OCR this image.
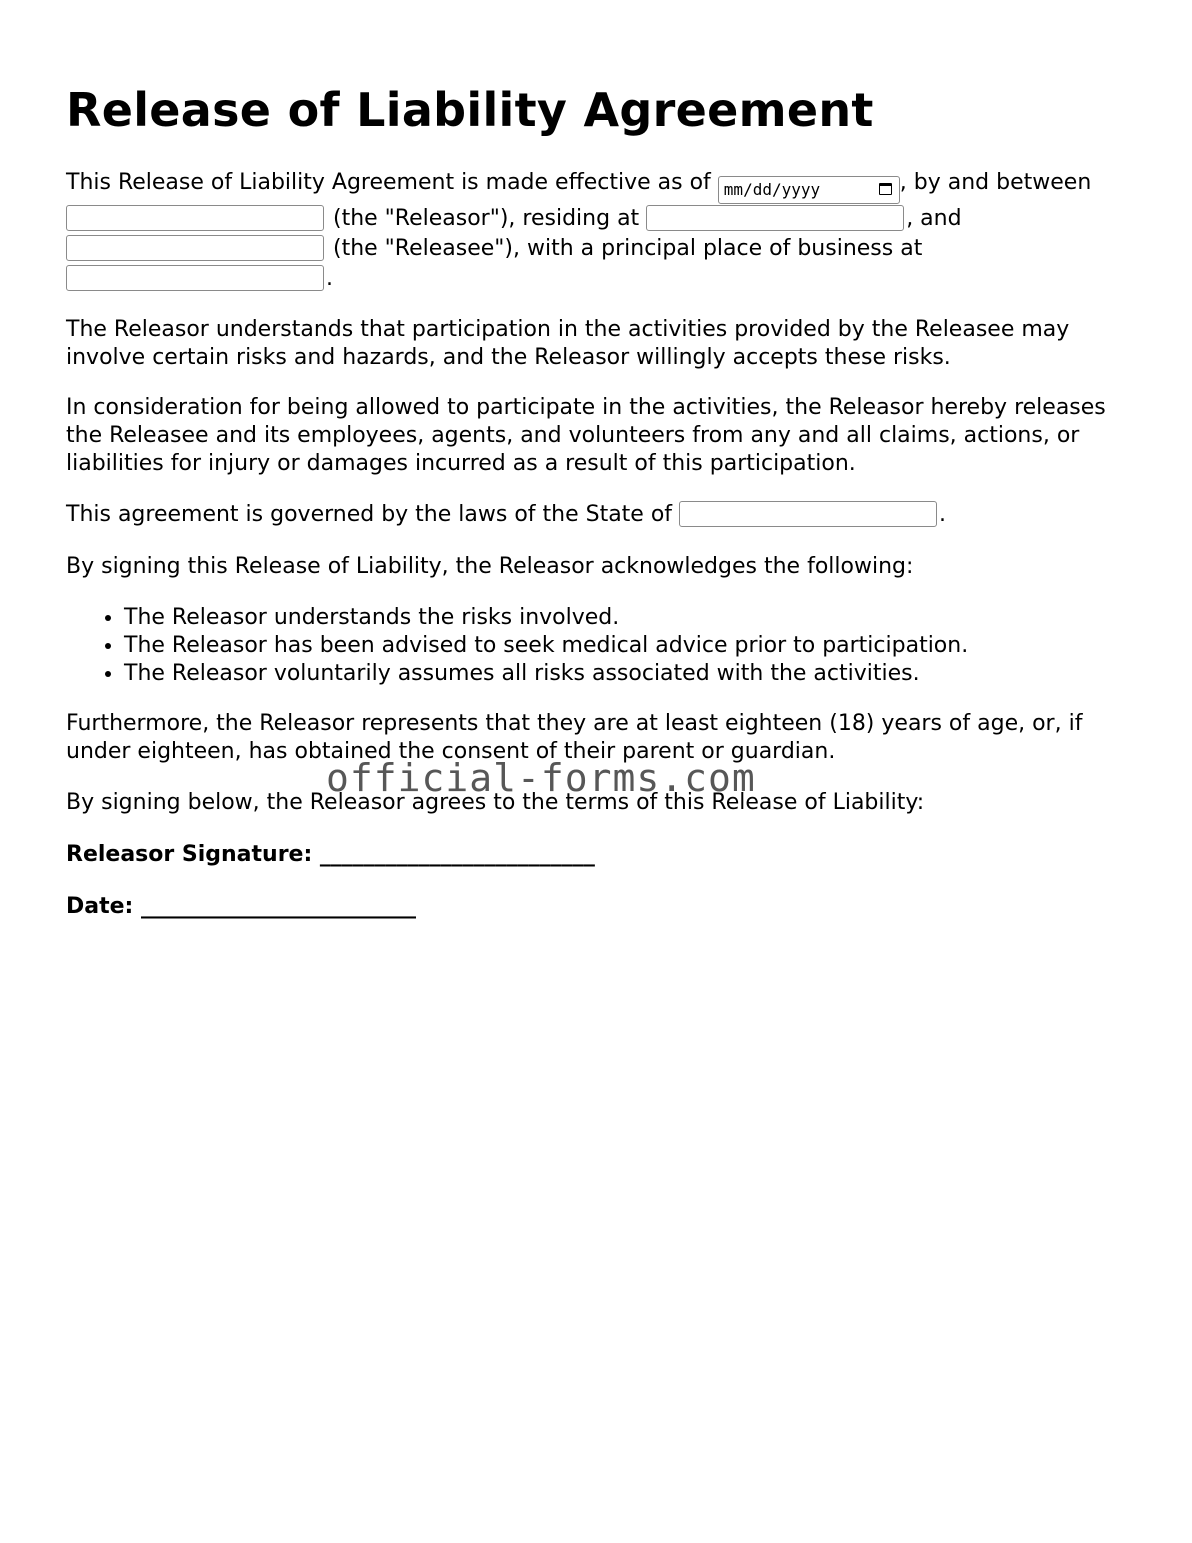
Release of Liability Agreement

This Release of Liability Agreement is made effective as of mm/dd/yyyy	, by and between  (the "Releasor"), residing at	, and  (the "Releasee"), with a principal place of business at .

The Releasor understands that participation in the activities provided by the Releasee may involve certain risks and hazards, and the Releasor willingly accepts these risks.

In consideration for being allowed to participate in the activities, the Releasor hereby releases the Releasee and its employees, agents, and volunteers from any and all claims, actions, or liabilities for injury or damages incurred as a result of this participation.

This agreement is governed by the laws of the State of	.

By signing this Release of Liability, the Releasor acknowledges the following:

• The Releasor understands the risks involved.
• The Releasor has been advised to seek medical advice prior to participation.
• The Releasor voluntarily assumes all risks associated with the activities.

Furthermore, the Releasor represents that they are at least eighteen (18) years of age, or, if under eighteen, has obtained the consent of their parent or guardian.

By signing below, the Releasor agrees to the terms of this Release of Liability:

Releasor Signature: _________________________

Date: _________________________

official-forms.com
